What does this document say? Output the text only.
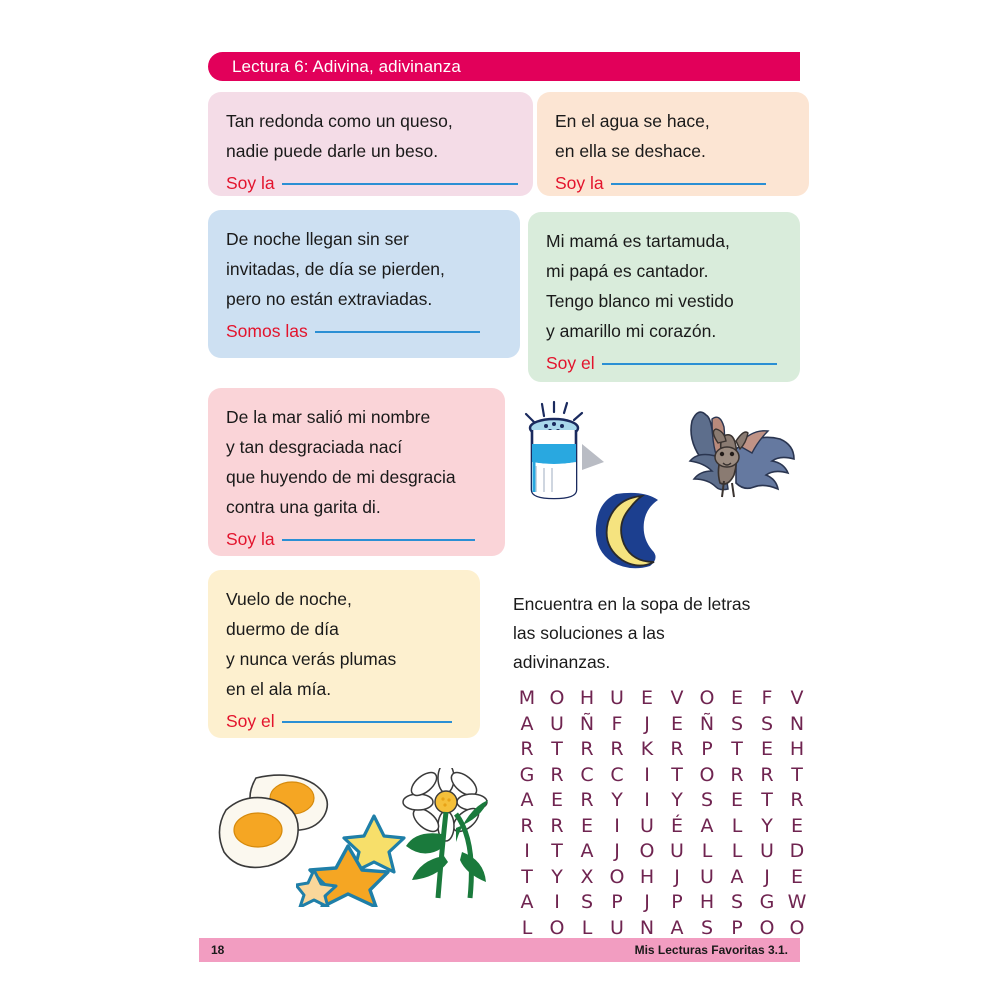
Lectura 6: Adivina, adivinanza
Tan redonda como un queso,
nadie puede darle un beso.
Soy la
En el agua se hace,
en ella se deshace.
Soy la
De noche llegan sin ser
invitadas, de día se pierden,
pero no están extraviadas.
Somos las
Mi mamá es tartamuda,
mi papá es cantador.
Tengo blanco mi vestido
y amarillo mi corazón.
Soy el
De la mar salió mi nombre
y tan desgraciada nací
que huyendo de mi desgracia
contra una garita di.
Soy la
Vuelo de noche,
duermo de día
y nunca verás plumas
en el ala mía.
Soy el
Encuentra en la sopa de letras
las soluciones a las
adivinanzas.
M O H U E V O E F V
A U Ñ F	J	E Ñ S S N
R T R R K R P T E H
G R C C	I	T O R R T
A E R Y	I	Y S E T R
R R E	I	U É A L Y E
I	T A	J	O U L	L U D
T Y X O H	J	U A	J	E
A	I	S P	J	P H S G W
L O L U N A S P O O
18	Mis Lecturas Favoritas 3.1.
